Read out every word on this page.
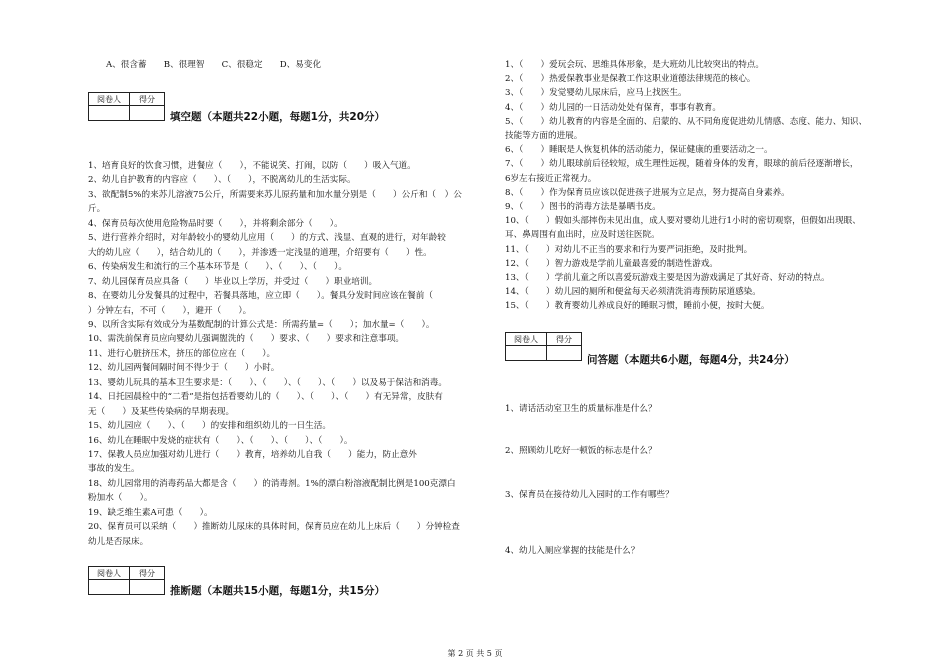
A、很含蓄　　B、很理智　　C、很稳定　　D、易变化
阅卷人	得分

填空题（本题共22小题，每题1分，共20分）
1、培育良好的饮食习惯，进餐应（　　），不能说笑、打闹，以防（　　）吸入气道。
2、幼儿自护教育的内容应（　　）、（　　），不脱离幼儿的生活实际。
3、欲配制5%的来苏儿溶液75公斤，所需要来苏儿原药量和加水量分别是（　　）公斤和（　）公
斤。
4、保育员每次使用危险物品时要（　　），并将剩余部分（　　）。
5、进行营养介绍时，对年龄较小的婴幼儿应用（　　）的方式、浅显、直观的进行，对年龄较
大的幼儿应（　　），结合幼儿的（　　），并渗透一定浅显的道理，介绍要有（　　）性。
6、传染病发生和流行的三个基本环节是（　　）、（　　）、（　　）。
7、幼儿园保育员应具备（　　）毕业以上学历，并受过（　　）职业培训。
8、在婴幼儿分发餐具的过程中，若餐具落地，应立即（　　）。餐具分发时间应该在餐前（　　
）分钟左右，不可（　　），避开（　　）。
9、以所含实际有效成分为基数配制的计算公式是：所需药量=（　　）；加水量=（　　）。
10、需洗前保育员应向婴幼儿强调盥洗的（　　）要求、（　　）要求和注意事项。
11、进行心脏挤压术，挤压的部位应在（　　）。
12、幼儿园两餐间隔时间不得少于（　　）小时。
13、婴幼儿玩具的基本卫生要求是：（　　）、（　　）、（　　）、（　　）以及易于保洁和消毒。
14、日托园晨检中的“二看”是指包括看婴幼儿的（　　）、（　　）、（　　）有无异常，皮肤有
无（　　）及某些传染病的早期表现。
15、幼儿园应（　　）、（　　）的安排和组织幼儿的一日生活。
16、幼儿在睡眠中发烧的症状有（　　）、（　　）、（　　）、（　　）。
17、保教人员应加强对幼儿进行（　　）教育，培养幼儿自我（　　）能力，防止意外
事故的发生。
18、幼儿园常用的消毒药品大都是含（　　）的消毒剂。1%的漂白粉溶液配制比例是100克漂白
粉加水（　　）。
19、缺乏维生素A可患（　　）。
20、保育员可以采纳（　　）推断幼儿尿床的具体时间，保育员应在幼儿上床后（　　）分钟检查
幼儿是否尿床。
阅卷人	得分

推断题（本题共15小题，每题1分，共15分）
1、（　　）爱玩会玩、思维具体形象，是大班幼儿比较突出的特点。
2、（　　）热爱保教事业是保教工作这职业道德法律规范的核心。
3、（　　）发觉婴幼儿尿床后，应马上找医生。
4、（　　）幼儿园的一日活动处处有保育，事事有教育。
5、（　　）幼儿教育的内容是全面的、启蒙的、从不同角度促进幼儿情感、态度、能力、知识、
技能等方面的进展。
6、（　　）睡眠是人恢复机体的活动能力，保证健康的重要活动之一。
7、（　　）幼儿眼球前后径较短，成生理性远视，随着身体的发育，眼球的前后径逐渐增长，
6岁左右接近正常视力。
8、（　　）作为保育员应该以促进孩子进展为立足点，努力提高自身素养。
9、（　　）图书的消毒方法是暴晒书皮。
10、（　　）假如头部摔伤未见出血，成人要对婴幼儿进行1小时的密切观察，但假如出现眼、
耳、鼻周围有血出时，应及时送往医院。
11、（　　）对幼儿不正当的要求和行为要严词拒绝，及时批判。
12、（　　）智力游戏是学前儿童最喜爱的制造性游戏。
13、（　　）学前儿童之所以喜爱玩游戏主要是因为游戏满足了其好奇、好动的特点。
14、（　　）幼儿园的厕所和便盆每天必须清洗消毒预防尿道感染。
15、（　　）教育婴幼儿养成良好的睡眠习惯，睡前小便，按时大便。
阅卷人	得分

问答题（本题共6小题，每题4分，共24分）
1、请话活动室卫生的质量标准是什么？
2、照顾幼儿吃好一顿饭的标志是什么？
3、保育员在接待幼儿入园时的工作有哪些？
4、幼儿入厕应掌握的技能是什么？
第 2 页 共 5 页
